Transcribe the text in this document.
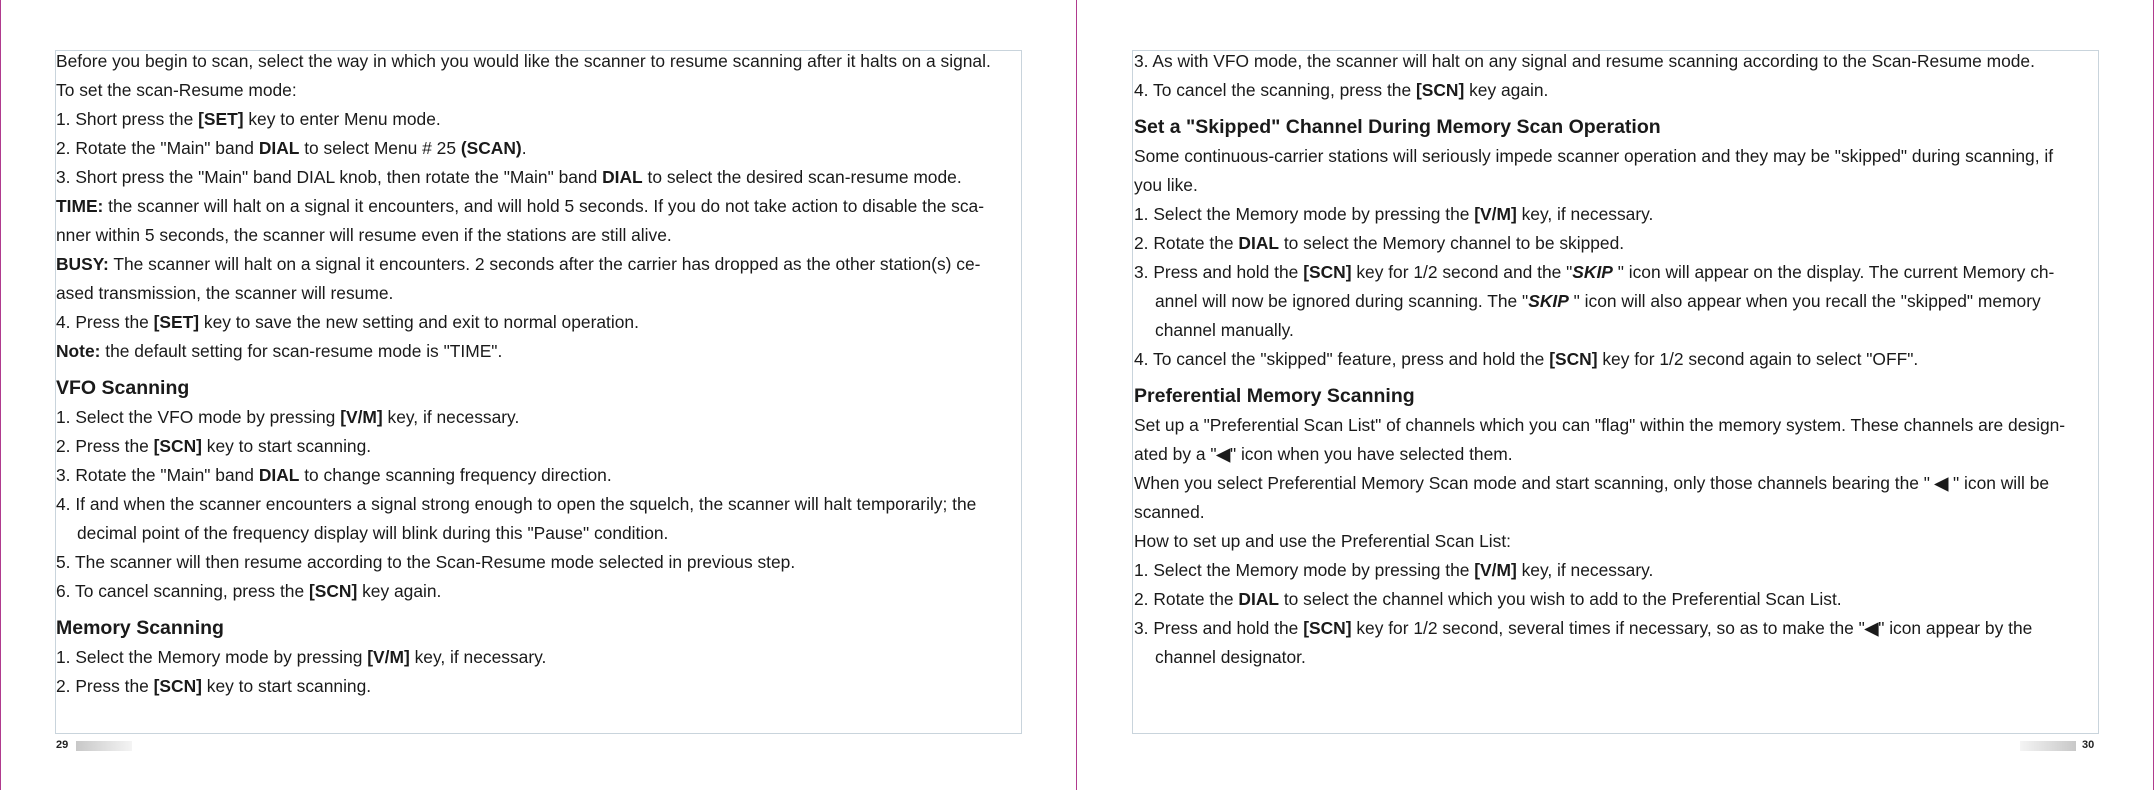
Before you begin to scan, select the way in which you would like the scanner to resume scanning after it halts on a signal.

To set the scan-Resume mode:

1. Short press the [SET] key to enter Menu mode.

2. Rotate the "Main" band DIAL to select Menu # 25 (SCAN).

3. Short press the "Main" band DIAL knob, then rotate the "Main" band DIAL to select the desired scan-resume mode.

TIME: the scanner will halt on a signal it encounters, and will hold 5 seconds. If you do not take action to disable the sca-

nner within 5 seconds, the scanner will resume even if the stations are still alive.

BUSY: The scanner will halt on a signal it encounters. 2 seconds after the carrier has dropped as the other station(s) ce-

ased transmission, the scanner will resume.

4. Press the [SET] key to save the new setting and exit to normal operation.

Note: the default setting for scan-resume mode is "TIME".

VFO Scanning

1. Select the VFO mode by pressing [V/M] key, if necessary.

2. Press the [SCN] key to start scanning.

3. Rotate the "Main" band DIAL to change scanning frequency direction.

4. If and when the scanner encounters a signal strong enough to open the squelch, the scanner will halt temporarily; the

decimal point of the frequency display will blink during this "Pause" condition.

5. The scanner will then resume according to the Scan-Resume mode selected in previous step.

6. To cancel scanning, press the [SCN] key again.

Memory Scanning

1. Select the Memory mode by pressing [V/M] key, if necessary.

2. Press the [SCN] key to start scanning.

29

3. As with VFO mode, the scanner will halt on any signal and resume scanning according to the Scan-Resume mode.

4. To cancel the scanning, press the [SCN] key again.

Set a "Skipped" Channel During Memory Scan Operation

Some continuous-carrier stations will seriously impede scanner operation and they may be "skipped" during scanning, if

you like.

1. Select the Memory mode by pressing the [V/M] key, if necessary.

2. Rotate the DIAL to select the Memory channel to be skipped.

3. Press and hold the [SCN] key for 1/2 second and the "SKIP " icon will appear on the display. The current Memory ch-

annel will now be ignored during scanning. The "SKIP " icon will also appear when you recall the "skipped" memory

channel manually.

4. To cancel the "skipped" feature, press and hold the [SCN] key for 1/2 second again to select "OFF".

Preferential Memory Scanning

Set up a "Preferential Scan List" of channels which you can "flag" within the memory system. These channels are design-

ated by a "◀" icon when you have selected them.

When you select Preferential Memory Scan mode and start scanning, only those channels bearing the " ◀ " icon will be

scanned.

How to set up and use the Preferential Scan List:

1. Select the Memory mode by pressing the [V/M] key, if necessary.

2. Rotate the DIAL to select the channel which you wish to add to the Preferential Scan List.

3. Press and hold the [SCN] key for 1/2 second, several times if necessary, so as to make the "◀" icon appear by the

channel designator.

30
